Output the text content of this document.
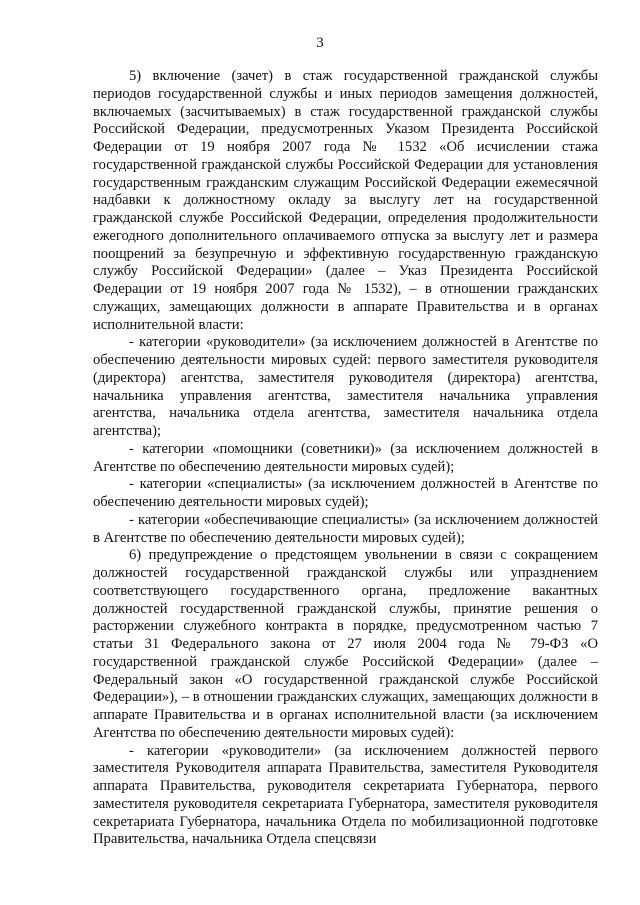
3

5) включение (зачет) в стаж государственной гражданской службы периодов государственной службы и иных периодов замещения должностей, включаемых (засчитываемых) в стаж государственной гражданской службы Российской Федерации, предусмотренных Указом Президента Российской Федерации от 19 ноября 2007 года № 1532 «Об исчислении стажа государственной гражданской службы Российской Федерации для установления государственным гражданским служащим Российской Федерации ежемесячной надбавки к должностному окладу за выслугу лет на государственной гражданской службе Российской Федерации, определения продолжительности ежегодного дополнительного оплачиваемого отпуска за выслугу лет и размера поощрений за безупречную и эффективную государственную гражданскую службу Российской Федерации» (далее – Указ Президента Российской Федерации от 19 ноября 2007 года № 1532), – в отношении гражданских служащих, замещающих должности в аппарате Правительства и в органах исполнительной власти:

- категории «руководители» (за исключением должностей в Агентстве по обеспечению деятельности мировых судей: первого заместителя руководителя (директора) агентства, заместителя руководителя (директора) агентства, начальника управления агентства, заместителя начальника управления агентства, начальника отдела агентства, заместителя начальника отдела агентства);

- категории «помощники (советники)» (за исключением должностей в Агентстве по обеспечению деятельности мировых судей);

- категории «специалисты» (за исключением должностей в Агентстве по обеспечению деятельности мировых судей);

- категории «обеспечивающие специалисты» (за исключением должностей в Агентстве по обеспечению деятельности мировых судей);

6) предупреждение о предстоящем увольнении в связи с сокращением должностей государственной гражданской службы или упразднением соответствующего государственного органа, предложение вакантных должностей государственной гражданской службы, принятие решения о расторжении служебного контракта в порядке, предусмотренном частью 7 статьи 31 Федерального закона от 27 июля 2004 года № 79-ФЗ «О государственной гражданской службе Российской Федерации» (далее – Федеральный закон «О государственной гражданской службе Российской Федерации»), – в отношении гражданских служащих, замещающих должности в аппарате Правительства и в органах исполнительной власти (за исключением Агентства по обеспечению деятельности мировых судей):

- категории «руководители» (за исключением должностей первого заместителя Руководителя аппарата Правительства, заместителя Руководителя аппарата Правительства, руководителя секретариата Губернатора, первого заместителя руководителя секретариата Губернатора, заместителя руководителя секретариата Губернатора, начальника Отдела по мобилизационной подготовке Правительства, начальника Отдела спецсвязи
